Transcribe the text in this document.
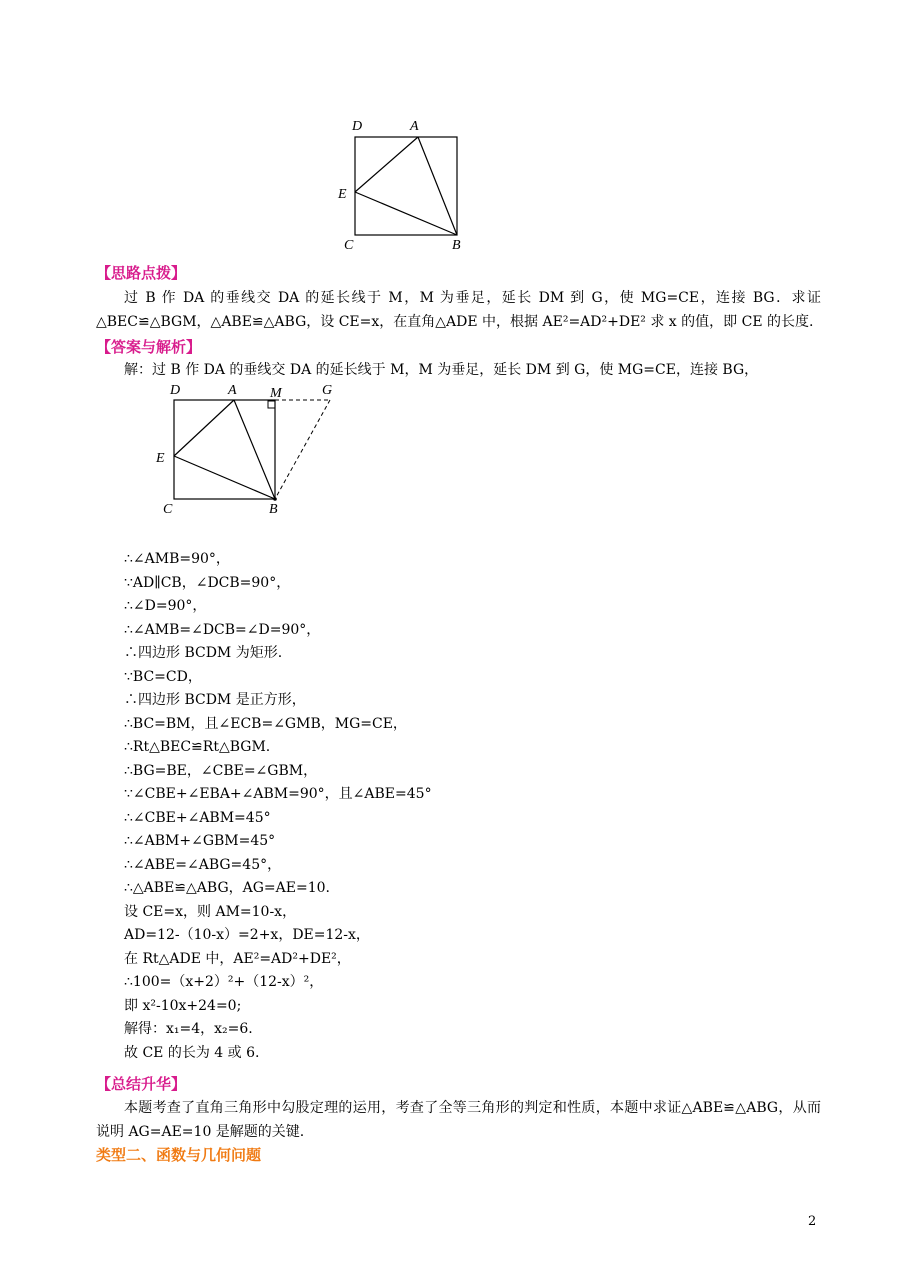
D	A
E
C	B
【思路点拨】
过 B 作 DA 的垂线交 DA 的延长线于 M，M 为垂足，延长 DM 到 G，使 MG=CE，连接 BG．求证△BEC≌△BGM，△ABE≌△ABG，设 CE=x，在直角△ADE 中，根据 AE²=AD²+DE² 求 x 的值，即 CE 的长度.
【答案与解析】
解：过 B 作 DA 的垂线交 DA 的延长线于 M，M 为垂足，延长 DM 到 G，使 MG=CE，连接 BG，
D	A M	G
E
C	B
∴∠AMB=90°，
∵AD∥CB，∠DCB=90°，
∴∠D=90°，
∴∠AMB=∠DCB=∠D=90°，
∴四边形 BCDM 为矩形.
∵BC=CD，
∴四边形 BCDM 是正方形，
∴BC=BM，且∠ECB=∠GMB，MG=CE，
∴Rt△BEC≌Rt△BGM.
∴BG=BE，∠CBE=∠GBM，
∵∠CBE+∠EBA+∠ABM=90°，且∠ABE=45°
∴∠CBE+∠ABM=45°
∴∠ABM+∠GBM=45°
∴∠ABE=∠ABG=45°，
∴△ABE≌△ABG，AG=AE=10.
设 CE=x，则 AM=10-x，
AD=12-（10-x）=2+x，DE=12-x，
在 Rt△ADE 中，AE²=AD²+DE²，
∴100=（x+2）²+（12-x）²，
即 x²-10x+24=0;
解得：x₁=4，x₂=6.
故 CE 的长为 4 或 6.
【总结升华】
本题考查了直角三角形中勾股定理的运用，考查了全等三角形的判定和性质，本题中求证△ABE≌△ABG，从而说明 AG=AE=10 是解题的关键.
类型二、函数与几何问题
2
